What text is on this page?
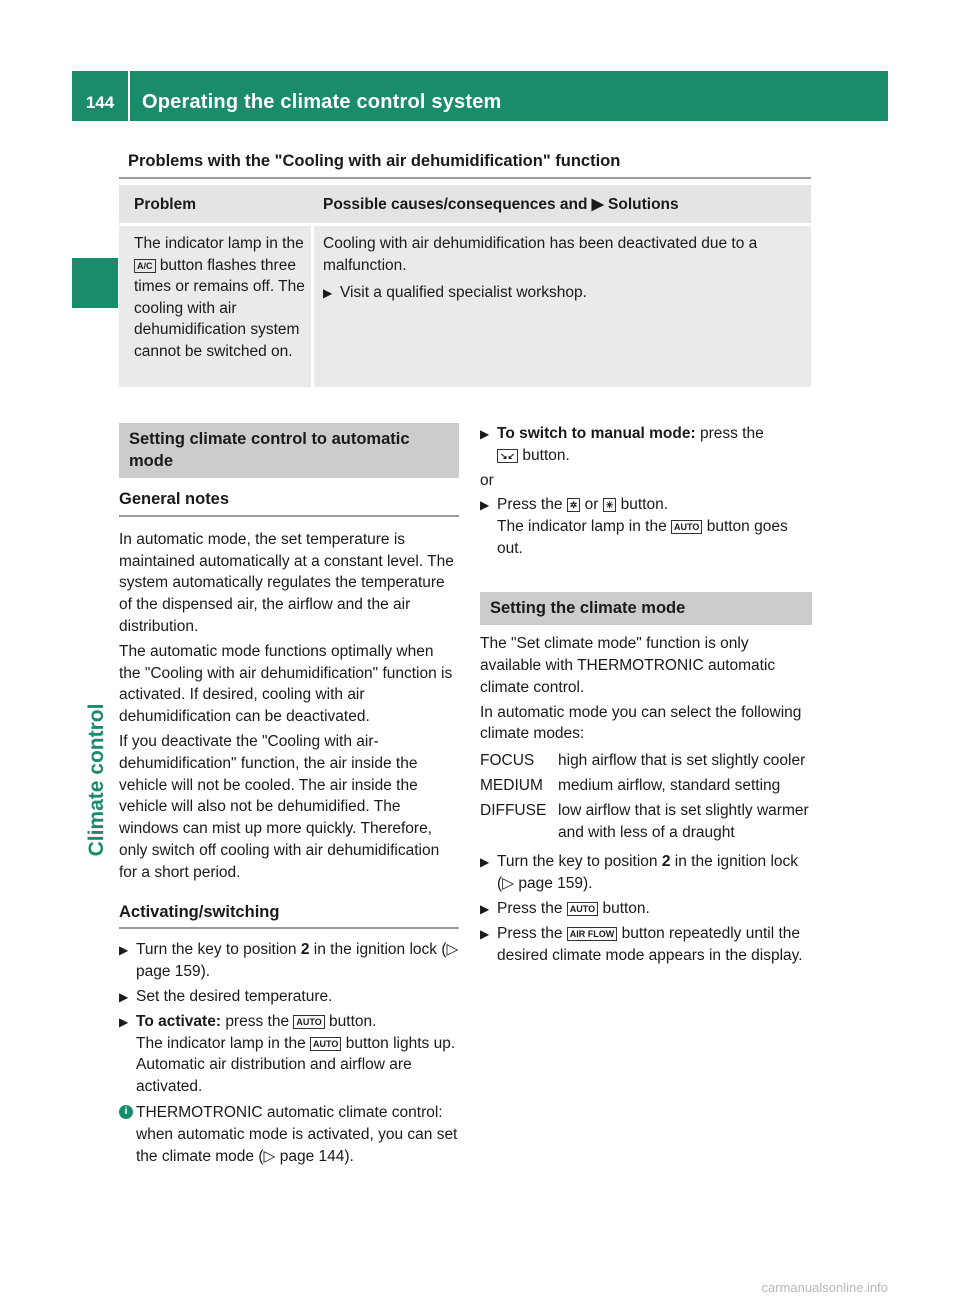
144	Operating the climate control system
Climate control
Problems with the "Cooling with air dehumidification" function
Problem	Possible causes/consequences and ▶ Solutions
The indicator lamp in the A/C button flashes three times or remains off. The cooling with air dehumidification system cannot be switched on.

Cooling with air dehumidification has been deactivated due to a malfunction.

▶ Visit a qualified specialist workshop.

Setting climate control to automatic mode
General notes

In automatic mode, the set temperature is maintained automatically at a constant level. The system automatically regulates the temperature of the dispensed air, the airflow and the air distribution.

The automatic mode functions optimally when the "Cooling with air dehumidification" function is activated. If desired, cooling with air dehumidification can be deactivated.

If you deactivate the "Cooling with air-dehumidification" function, the air inside the vehicle will not be cooled. The air inside the vehicle will also not be dehumidified. The windows can mist up more quickly. Therefore, only switch off cooling with air dehumidification for a short period.

Activating/switching

▶ Turn the key to position 2 in the ignition lock (▷ page 159).

▶ Set the desired temperature.

▶ To activate: press the AUTO button.
The indicator lamp in the AUTO button lights up. Automatic air distribution and airflow are activated.

i THERMOTRONIC automatic climate control: when automatic mode is activated, you can set the climate mode (▷ page 144).

▶ To switch to manual mode: press the
↘↙ button.

or

▶ Press the ✲ or ✳ button.
The indicator lamp in the AUTO button goes out.

Setting the climate mode

The "Set climate mode" function is only available with THERMOTRONIC automatic climate control.

In automatic mode you can select the following climate modes:

FOCUS	high airflow that is set slightly cooler
MEDIUM medium airflow, standard setting
DIFFUSE low airflow that is set slightly warmer and with less of a draught

▶ Turn the key to position 2 in the ignition lock (▷ page 159).

▶ Press the AUTO button.

▶ Press the AIR FLOW button repeatedly until the desired climate mode appears in the display.

carmanualsonline.info
